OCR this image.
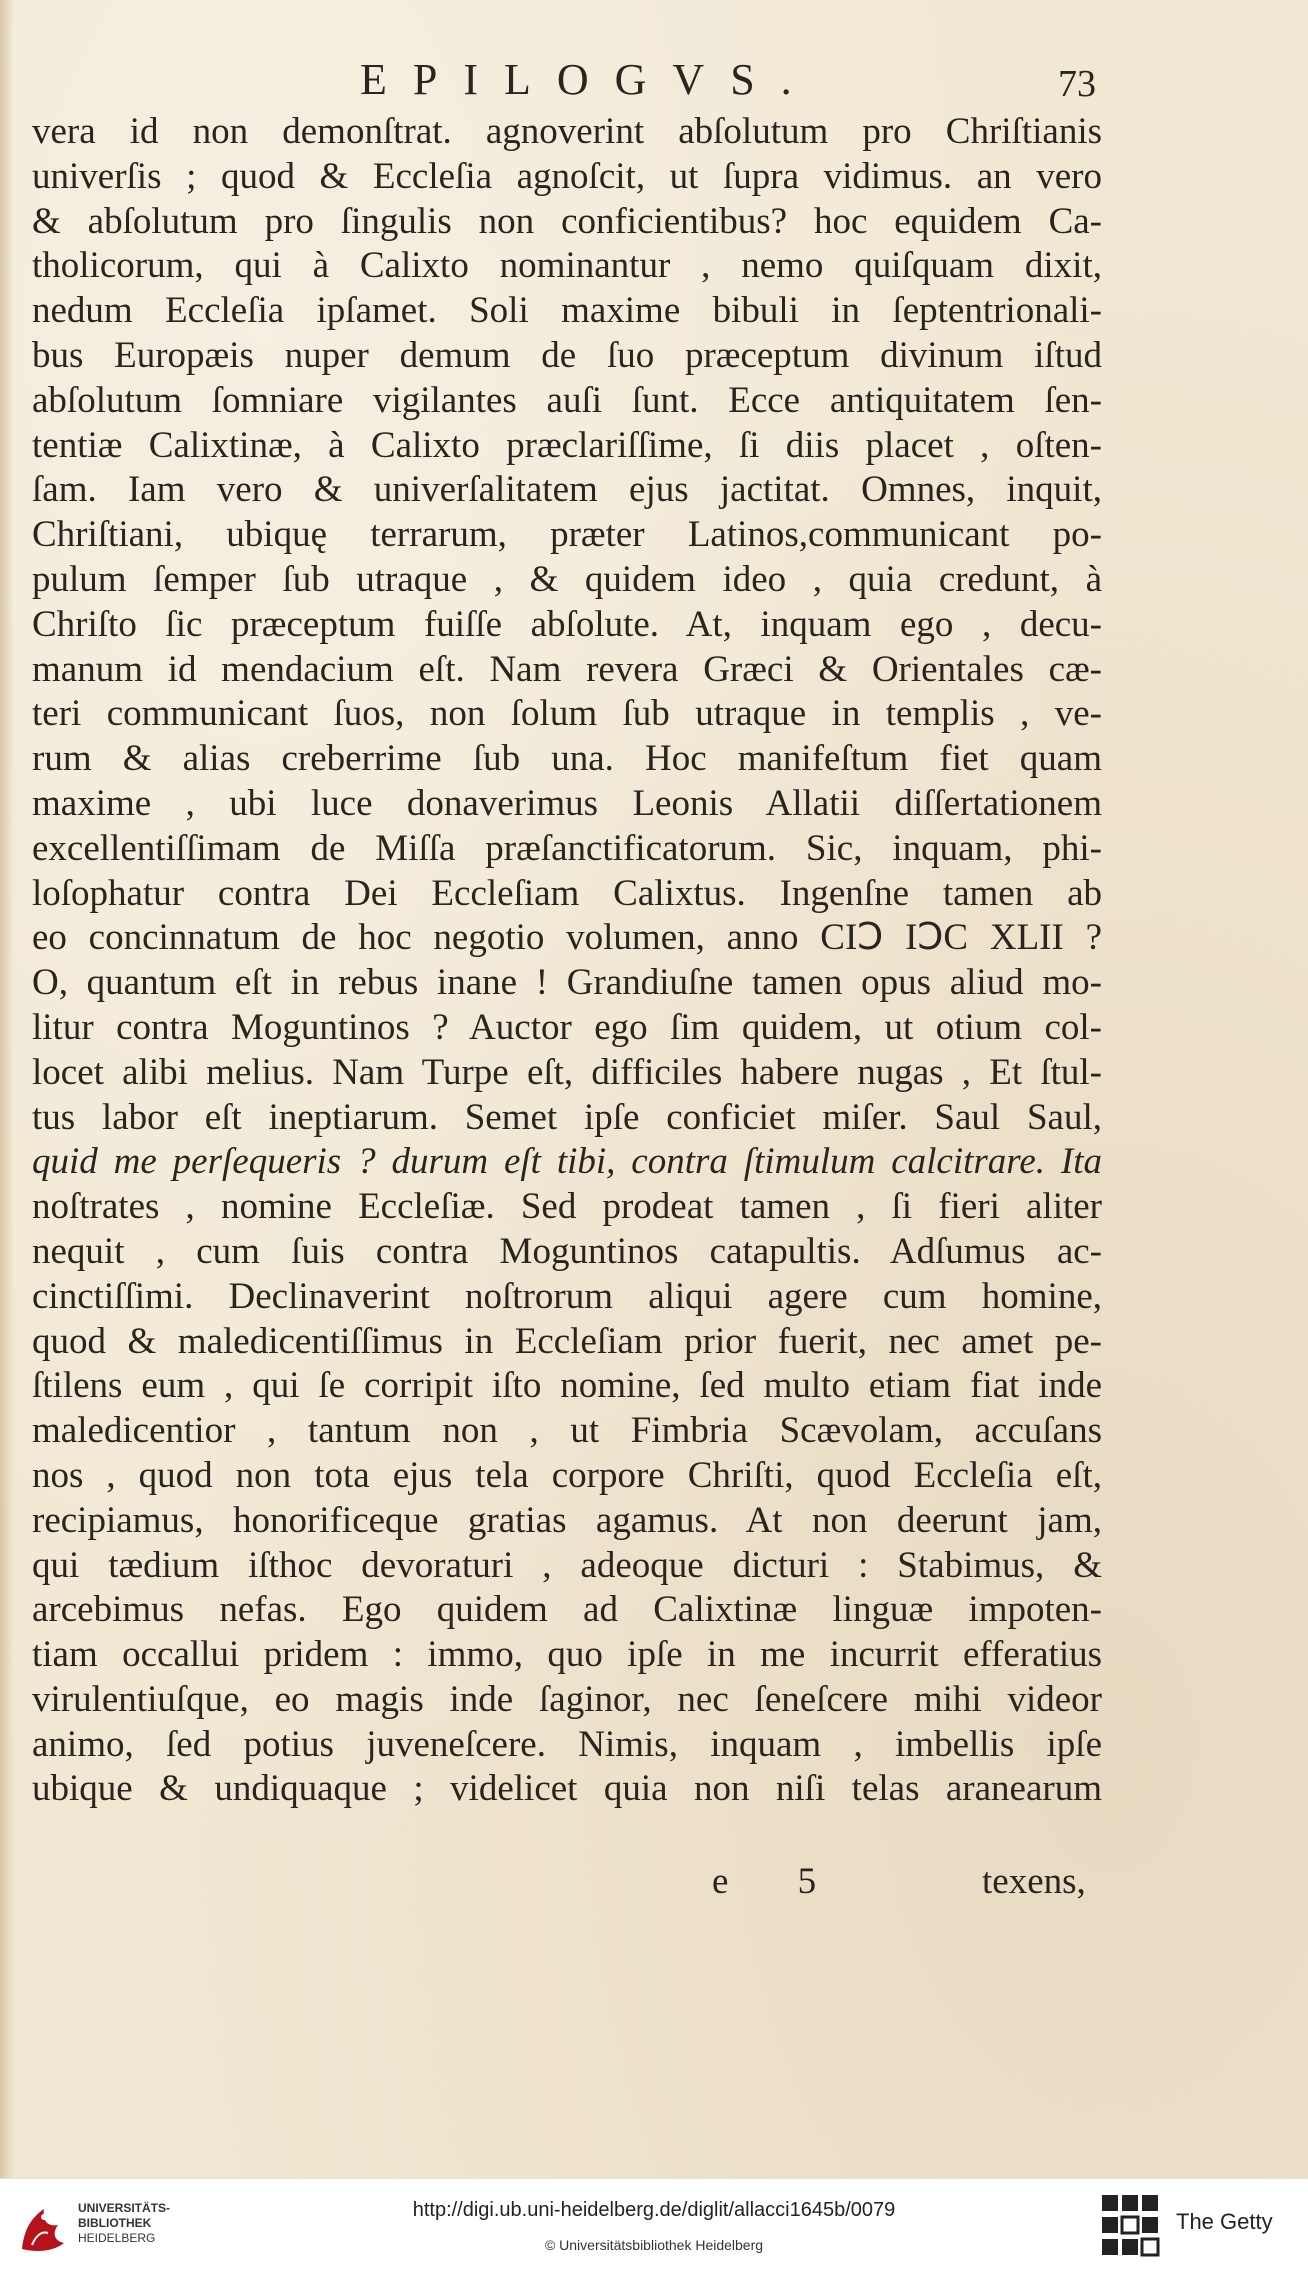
EPILOGVS.	73
vera id non demonſtrat. agnoverint abſolutum pro Chriſtianis
univerſis ; quod & Eccleſia agnoſcit, ut ſupra vidimus. an vero
& abſolutum pro ſingulis non conficientibus? hoc equidem Ca-
tholicorum, qui à Calixto nominantur , nemo quiſquam dixit,
nedum Eccleſia ipſamet. Soli maxime bibuli in ſeptentrionali-
bus Europæis nuper demum de ſuo præceptum divinum iſtud
abſolutum ſomniare vigilantes auſi ſunt. Ecce antiquitatem ſen-
tentiæ Calixtinæ, à Calixto præclariſſime, ſi diis placet , oſten-
ſam. Iam vero & univerſalitatem ejus jactitat. Omnes, inquit,
Chriſtiani, ubiquę terrarum, præter Latinos,communicant po-
pulum ſemper ſub utraque , & quidem ideo , quia credunt, à
Chriſto ſic præceptum fuiſſe abſolute. At, inquam ego , decu-
manum id mendacium eſt. Nam revera Græci & Orientales cæ-
teri communicant ſuos, non ſolum ſub utraque in templis , ve-
rum & alias creberrime ſub una. Hoc manifeſtum fiet quam
maxime , ubi luce donaverimus Leonis Allatii diſſertationem
excellentiſſimam de Miſſa præſanctificatorum. Sic, inquam, phi-
loſophatur contra Dei Eccleſiam Calixtus. Ingenſne tamen ab
eo concinnatum de hoc negotio volumen, anno CIↃ IↃC XLII ?
O, quantum eſt in rebus inane ! Grandiuſne tamen opus aliud mo-
litur contra Moguntinos ? Auctor ego ſim quidem, ut otium col-
locet alibi melius. Nam Turpe eſt, difficiles habere nugas , Et ſtul-
tus labor eſt ineptiarum. Semet ipſe conficiet miſer. Saul Saul,
quid me perſequeris ? durum eſt tibi, contra ſtimulum calcitrare. Ita
noſtrates , nomine Eccleſiæ. Sed prodeat tamen , ſi fieri aliter
nequit , cum ſuis contra Moguntinos catapultis. Adſumus ac-
cinctiſſimi. Declinaverint noſtrorum aliqui agere cum homine,
quod & maledicentiſſimus in Eccleſiam prior fuerit, nec amet pe-
ſtilens eum , qui ſe corripit iſto nomine, ſed multo etiam fiat inde
maledicentior , tantum non , ut Fimbria Scævolam, accuſans
nos , quod non tota ejus tela corpore Chriſti, quod Eccleſia eſt,
recipiamus, honorificeque gratias agamus. At non deerunt jam,
qui tædium iſthoc devoraturi , adeoque dicturi : Stabimus, &
arcebimus nefas. Ego quidem ad Calixtinæ linguæ impoten-
tiam occallui pridem : immo, quo ipſe in me incurrit efferatius
virulentiuſque, eo magis inde ſaginor, nec ſeneſcere mihi videor
animo, ſed potius juveneſcere. Nimis, inquam , imbellis ipſe
ubique & undiquaque ; videlicet quia non niſi telas aranearum
e 5	texens,
UNIVERSITÄTS-
BIBLIOTHEK
HEIDELBERG
http://digi.ub.uni-heidelberg.de/diglit/allacci1645b/0079
© Universitätsbibliothek Heidelberg
The Getty
